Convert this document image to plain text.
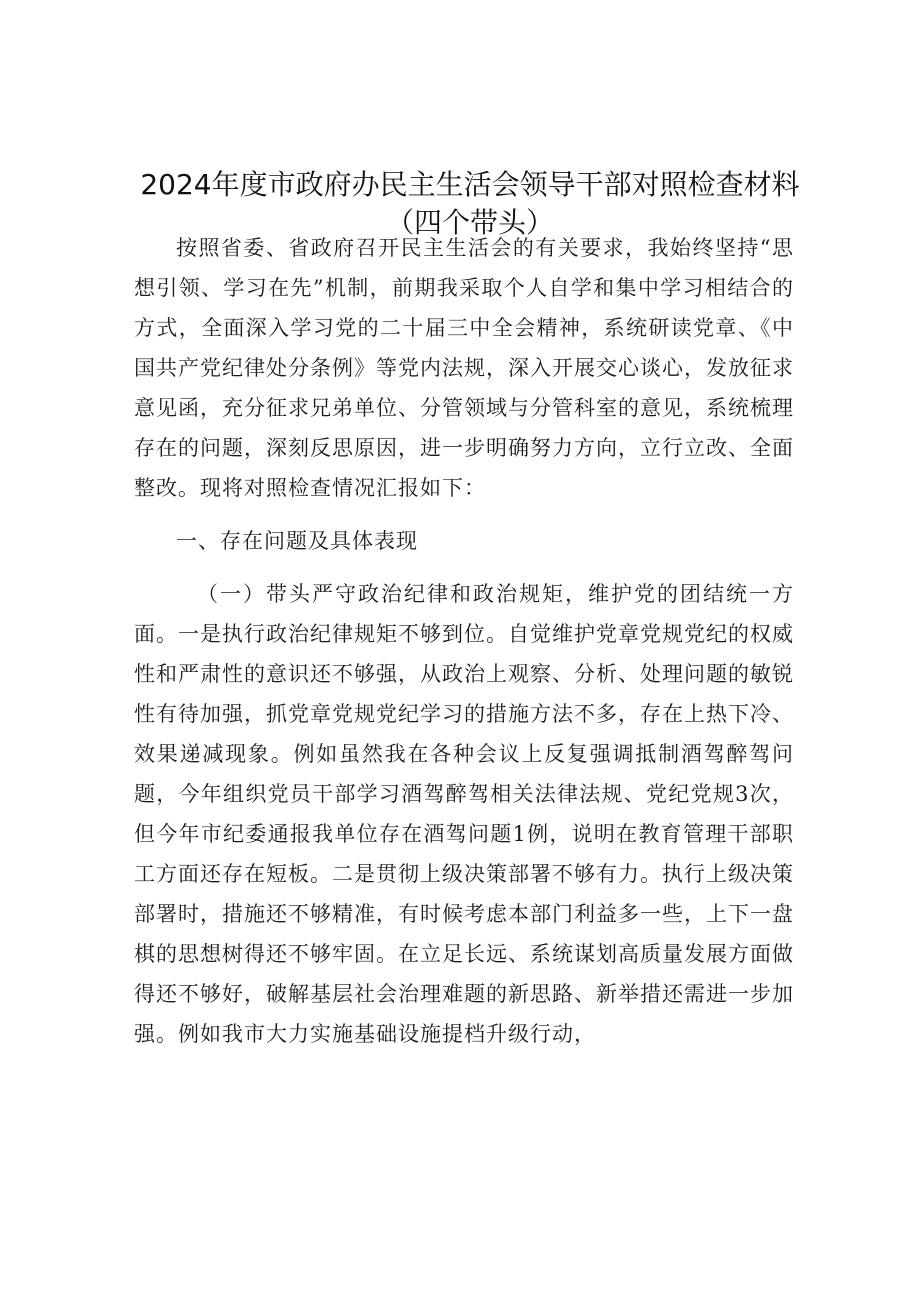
2024年度市政府办民主生活会领导干部对照检查材料（四个带头）

按照省委、省政府召开民主生活会的有关要求，我始终坚持“思想引领、学习在先”机制，前期我采取个人自学和集中学习相结合的方式，全面深入学习党的二十届三中全会精神，系统研读党章、《中国共产党纪律处分条例》等党内法规，深入开展交心谈心，发放征求意见函，充分征求兄弟单位、分管领域与分管科室的意见，系统梳理存在的问题，深刻反思原因，进一步明确努力方向，立行立改、全面整改。现将对照检查情况汇报如下：

一、存在问题及具体表现

（一）带头严守政治纪律和政治规矩，维护党的团结统一方面。一是执行政治纪律规矩不够到位。自觉维护党章党规党纪的权威性和严肃性的意识还不够强，从政治上观察、分析、处理问题的敏锐性有待加强，抓党章党规党纪学习的措施方法不多，存在上热下冷、效果递减现象。例如虽然我在各种会议上反复强调抵制酒驾醉驾问题，今年组织党员干部学习酒驾醉驾相关法律法规、党纪党规3次，但今年市纪委通报我单位存在酒驾问题1例，说明在教育管理干部职工方面还存在短板。二是贯彻上级决策部署不够有力。执行上级决策部署时，措施还不够精准，有时候考虑本部门利益多一些，上下一盘棋的思想树得还不够牢固。在立足长远、系统谋划高质量发展方面做得还不够好，破解基层社会治理难题的新思路、新举措还需进一步加强。例如我市大力实施基础设施提档升级行动，
